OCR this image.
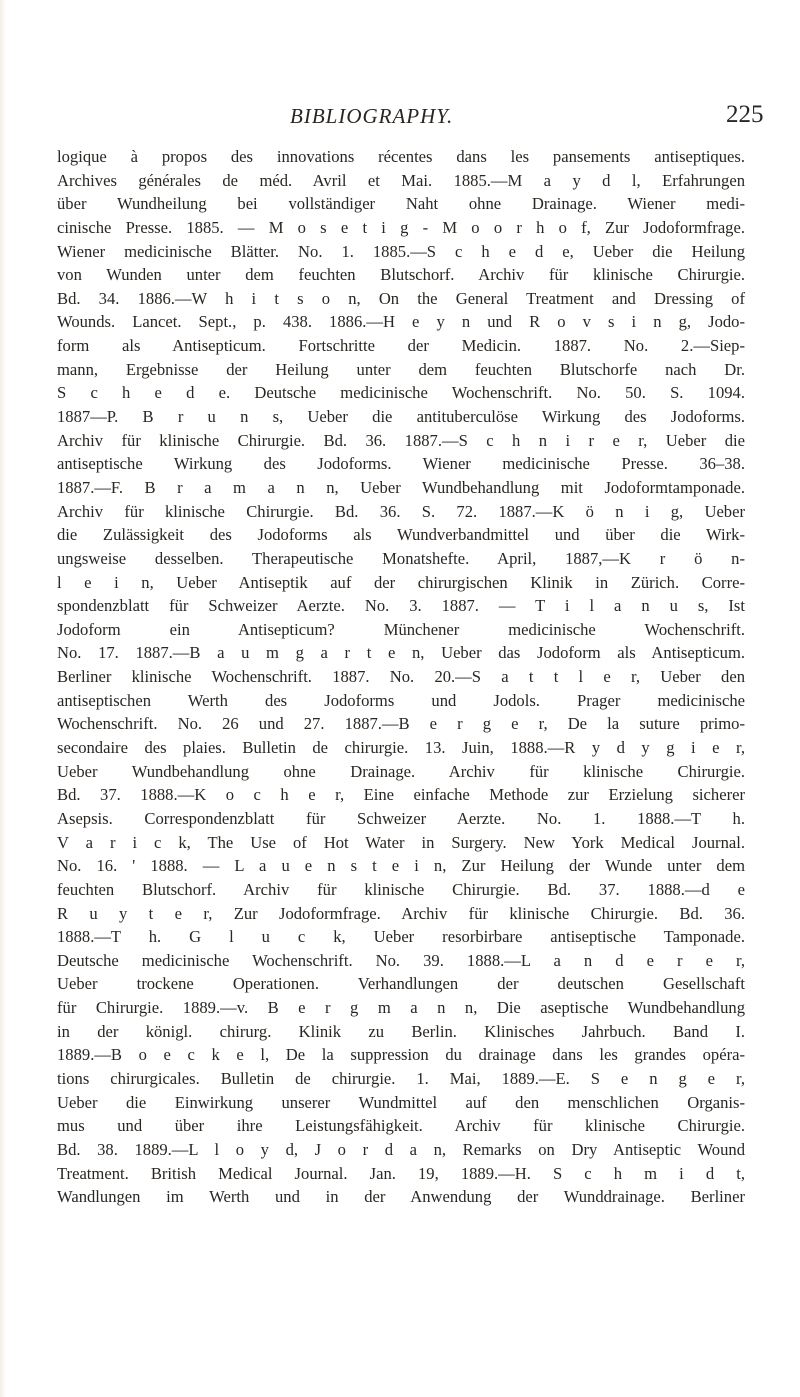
BIBLIOGRAPHY.	225
logique à propos des innovations récentes dans les pansements antiseptiques.
Archives générales de méd. Avril et Mai. 1885.—M a y d l, Erfahrungen
über Wundheilung bei vollständiger Naht ohne Drainage. Wiener medi-
cinische Presse. 1885. — M o s e t i g - M o o r h o f, Zur Jodoformfrage.
Wiener medicinische Blätter. No. 1. 1885.—S c h e d e, Ueber die Heilung
von Wunden unter dem feuchten Blutschorf. Archiv für klinische Chirurgie.
Bd. 34. 1886.—W h i t s o n, On the General Treatment and Dressing of
Wounds. Lancet. Sept., p. 438. 1886.—H e y n und R o v s i n g, Jodo-
form als Antisepticum. Fortschritte der Medicin. 1887. No. 2.—Siep-
mann, Ergebnisse der Heilung unter dem feuchten Blutschorfe nach Dr.
S c h e d e. Deutsche medicinische Wochenschrift. No. 50. S. 1094.
1887—P. B r u n s, Ueber die antituberculöse Wirkung des Jodoforms.
Archiv für klinische Chirurgie. Bd. 36. 1887.—S c h n i r e r, Ueber die
antiseptische Wirkung des Jodoforms. Wiener medicinische Presse. 36–38.
1887.—F. B r a m a n n, Ueber Wundbehandlung mit Jodoformtamponade.
Archiv für klinische Chirurgie. Bd. 36. S. 72. 1887.—K ö n i g, Ueber
die Zulässigkeit des Jodoforms als Wundverbandmittel und über die Wirk-
ungsweise desselben. Therapeutische Monatshefte. April, 1887,—K r ö n-
l e i n, Ueber Antiseptik auf der chirurgischen Klinik in Zürich. Corre-
spondenzblatt für Schweizer Aerzte. No. 3. 1887. — T i l a n u s, Ist
Jodoform ein Antisepticum? Münchener medicinische Wochenschrift.
No. 17. 1887.—B a u m g a r t e n, Ueber das Jodoform als Antisepticum.
Berliner klinische Wochenschrift. 1887. No. 20.—S a t t l e r, Ueber den
antiseptischen Werth des Jodoforms und Jodols. Prager medicinische
Wochenschrift. No. 26 und 27. 1887.—B e r g e r, De la suture primo-
secondaire des plaies. Bulletin de chirurgie. 13. Juin, 1888.—R y d y g i e r,
Ueber Wundbehandlung ohne Drainage. Archiv für klinische Chirurgie.
Bd. 37. 1888.—K o c h e r, Eine einfache Methode zur Erzielung sicherer
Asepsis. Correspondenzblatt für Schweizer Aerzte. No. 1. 1888.—T h.
V a r i c k, The Use of Hot Water in Surgery. New York Medical Journal.
No. 16. ' 1888. — L a u e n s t e i n, Zur Heilung der Wunde unter dem
feuchten Blutschorf. Archiv für klinische Chirurgie. Bd. 37. 1888.—d e
R u y t e r, Zur Jodoformfrage. Archiv für klinische Chirurgie. Bd. 36.
1888.—T h. G l u c k, Ueber resorbirbare antiseptische Tamponade.
Deutsche medicinische Wochenschrift. No. 39. 1888.—L a n d e r e r,
Ueber trockene Operationen. Verhandlungen der deutschen Gesellschaft
für Chirurgie. 1889.—v. B e r g m a n n, Die aseptische Wundbehandlung
in der königl. chirurg. Klinik zu Berlin. Klinisches Jahrbuch. Band I.
1889.—B o e c k e l, De la suppression du drainage dans les grandes opéra-
tions chirurgicales. Bulletin de chirurgie. 1. Mai, 1889.—E. S e n g e r,
Ueber die Einwirkung unserer Wundmittel auf den menschlichen Organis-
mus und über ihre Leistungsfähigkeit. Archiv für klinische Chirurgie.
Bd. 38. 1889.—L l o y d, J o r d a n, Remarks on Dry Antiseptic Wound
Treatment. British Medical Journal. Jan. 19, 1889.—H. S c h m i d t,
Wandlungen im Werth und in der Anwendung der Wunddrainage. Berliner
